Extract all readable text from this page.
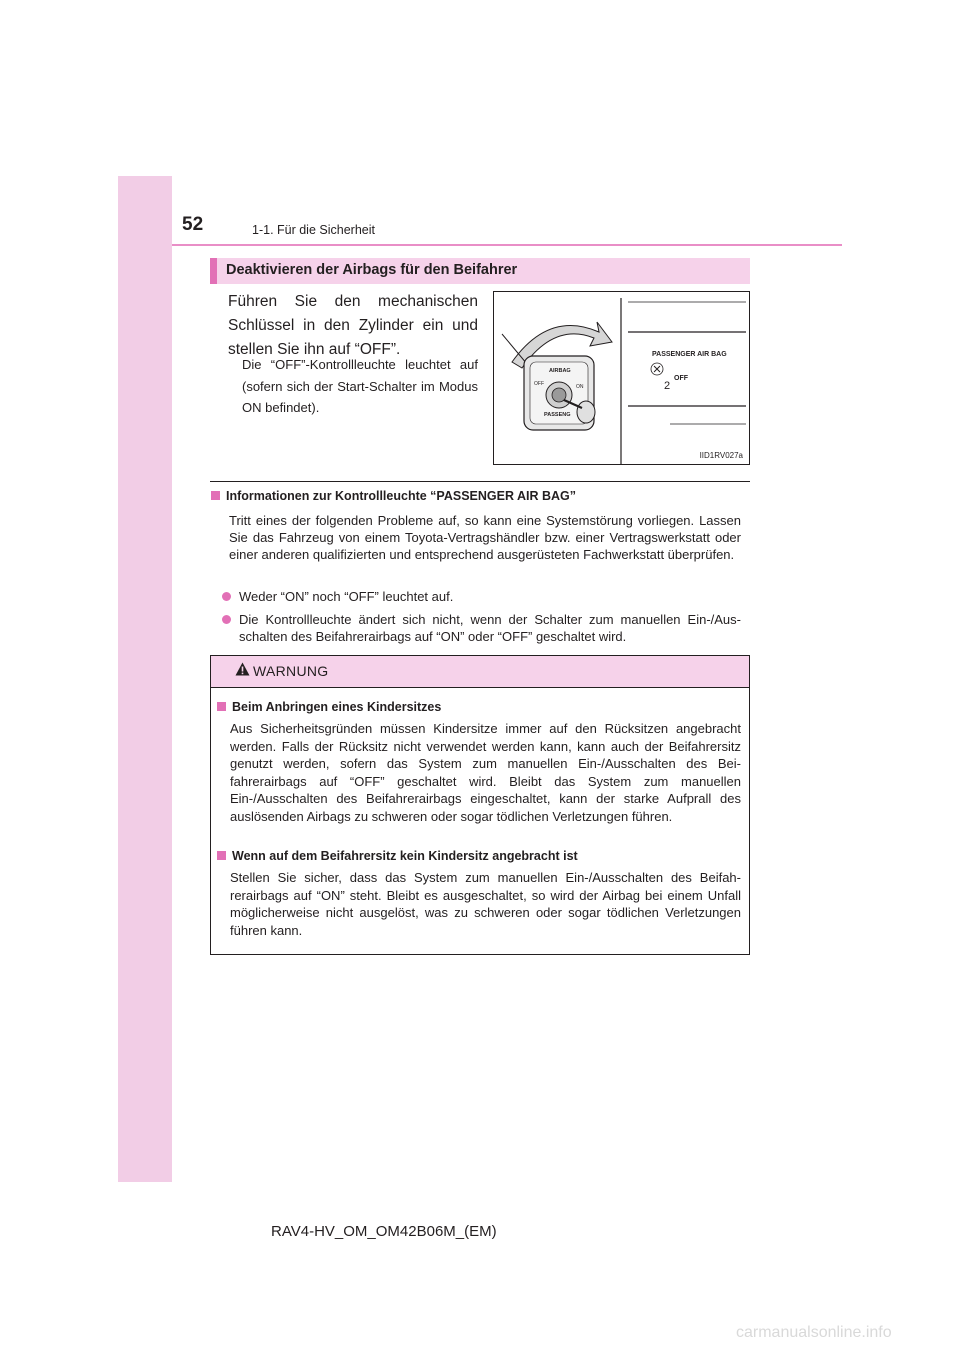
52	1-1. Für die Sicherheit
Deaktivieren der Airbags für den Beifahrer
Führen Sie den mechanischen Schlüssel in den Zylinder ein und stellen Sie ihn auf “OFF”.
Die “OFF”-Kontrollleuchte leuchtet auf (sofern sich der Start-Schalter im Modus ON befindet).
AIRBAG
OFF	ON
PASSENG
2
PASSENGER AIR BAG
OFF
IID1RV027a
Informationen zur Kontrollleuchte “PASSENGER AIR BAG”
Tritt eines der folgenden Probleme auf, so kann eine Systemstörung vorliegen. Lassen Sie das Fahrzeug von einem Toyota-Vertragshändler bzw. einer Vertragswerkstatt oder einer anderen qualifizierten und entsprechend ausgerüsteten Fachwerkstatt überprüfen.
Weder “ON” noch “OFF” leuchtet auf.
Die Kontrollleuchte ändert sich nicht, wenn der Schalter zum manuellen Ein-/Ausschalten des Beifahrerairbags auf “ON” oder “OFF” geschaltet wird.
WARNUNG
Beim Anbringen eines Kindersitzes
Aus Sicherheitsgründen müssen Kindersitze immer auf den Rücksitzen angebracht werden. Falls der Rücksitz nicht verwendet werden kann, kann auch der Beifahrersitz genutzt werden, sofern das System zum manuellen Ein-/Ausschalten des Beifahrerairbags auf “OFF” geschaltet wird. Bleibt das System zum manuellen Ein-/Ausschalten des Beifahrerairbags eingeschaltet, kann der starke Aufprall des auslösenden Airbags zu schweren oder sogar tödlichen Verletzungen führen.
Wenn auf dem Beifahrersitz kein Kindersitz angebracht ist
Stellen Sie sicher, dass das System zum manuellen Ein-/Ausschalten des Beifahrerairbags auf “ON” steht. Bleibt es ausgeschaltet, so wird der Airbag bei einem Unfall möglicherweise nicht ausgelöst, was zu schweren oder sogar tödlichen Verletzungen führen kann.
RAV4-HV_OM_OM42B06M_(EM)
carmanualsonline.info
